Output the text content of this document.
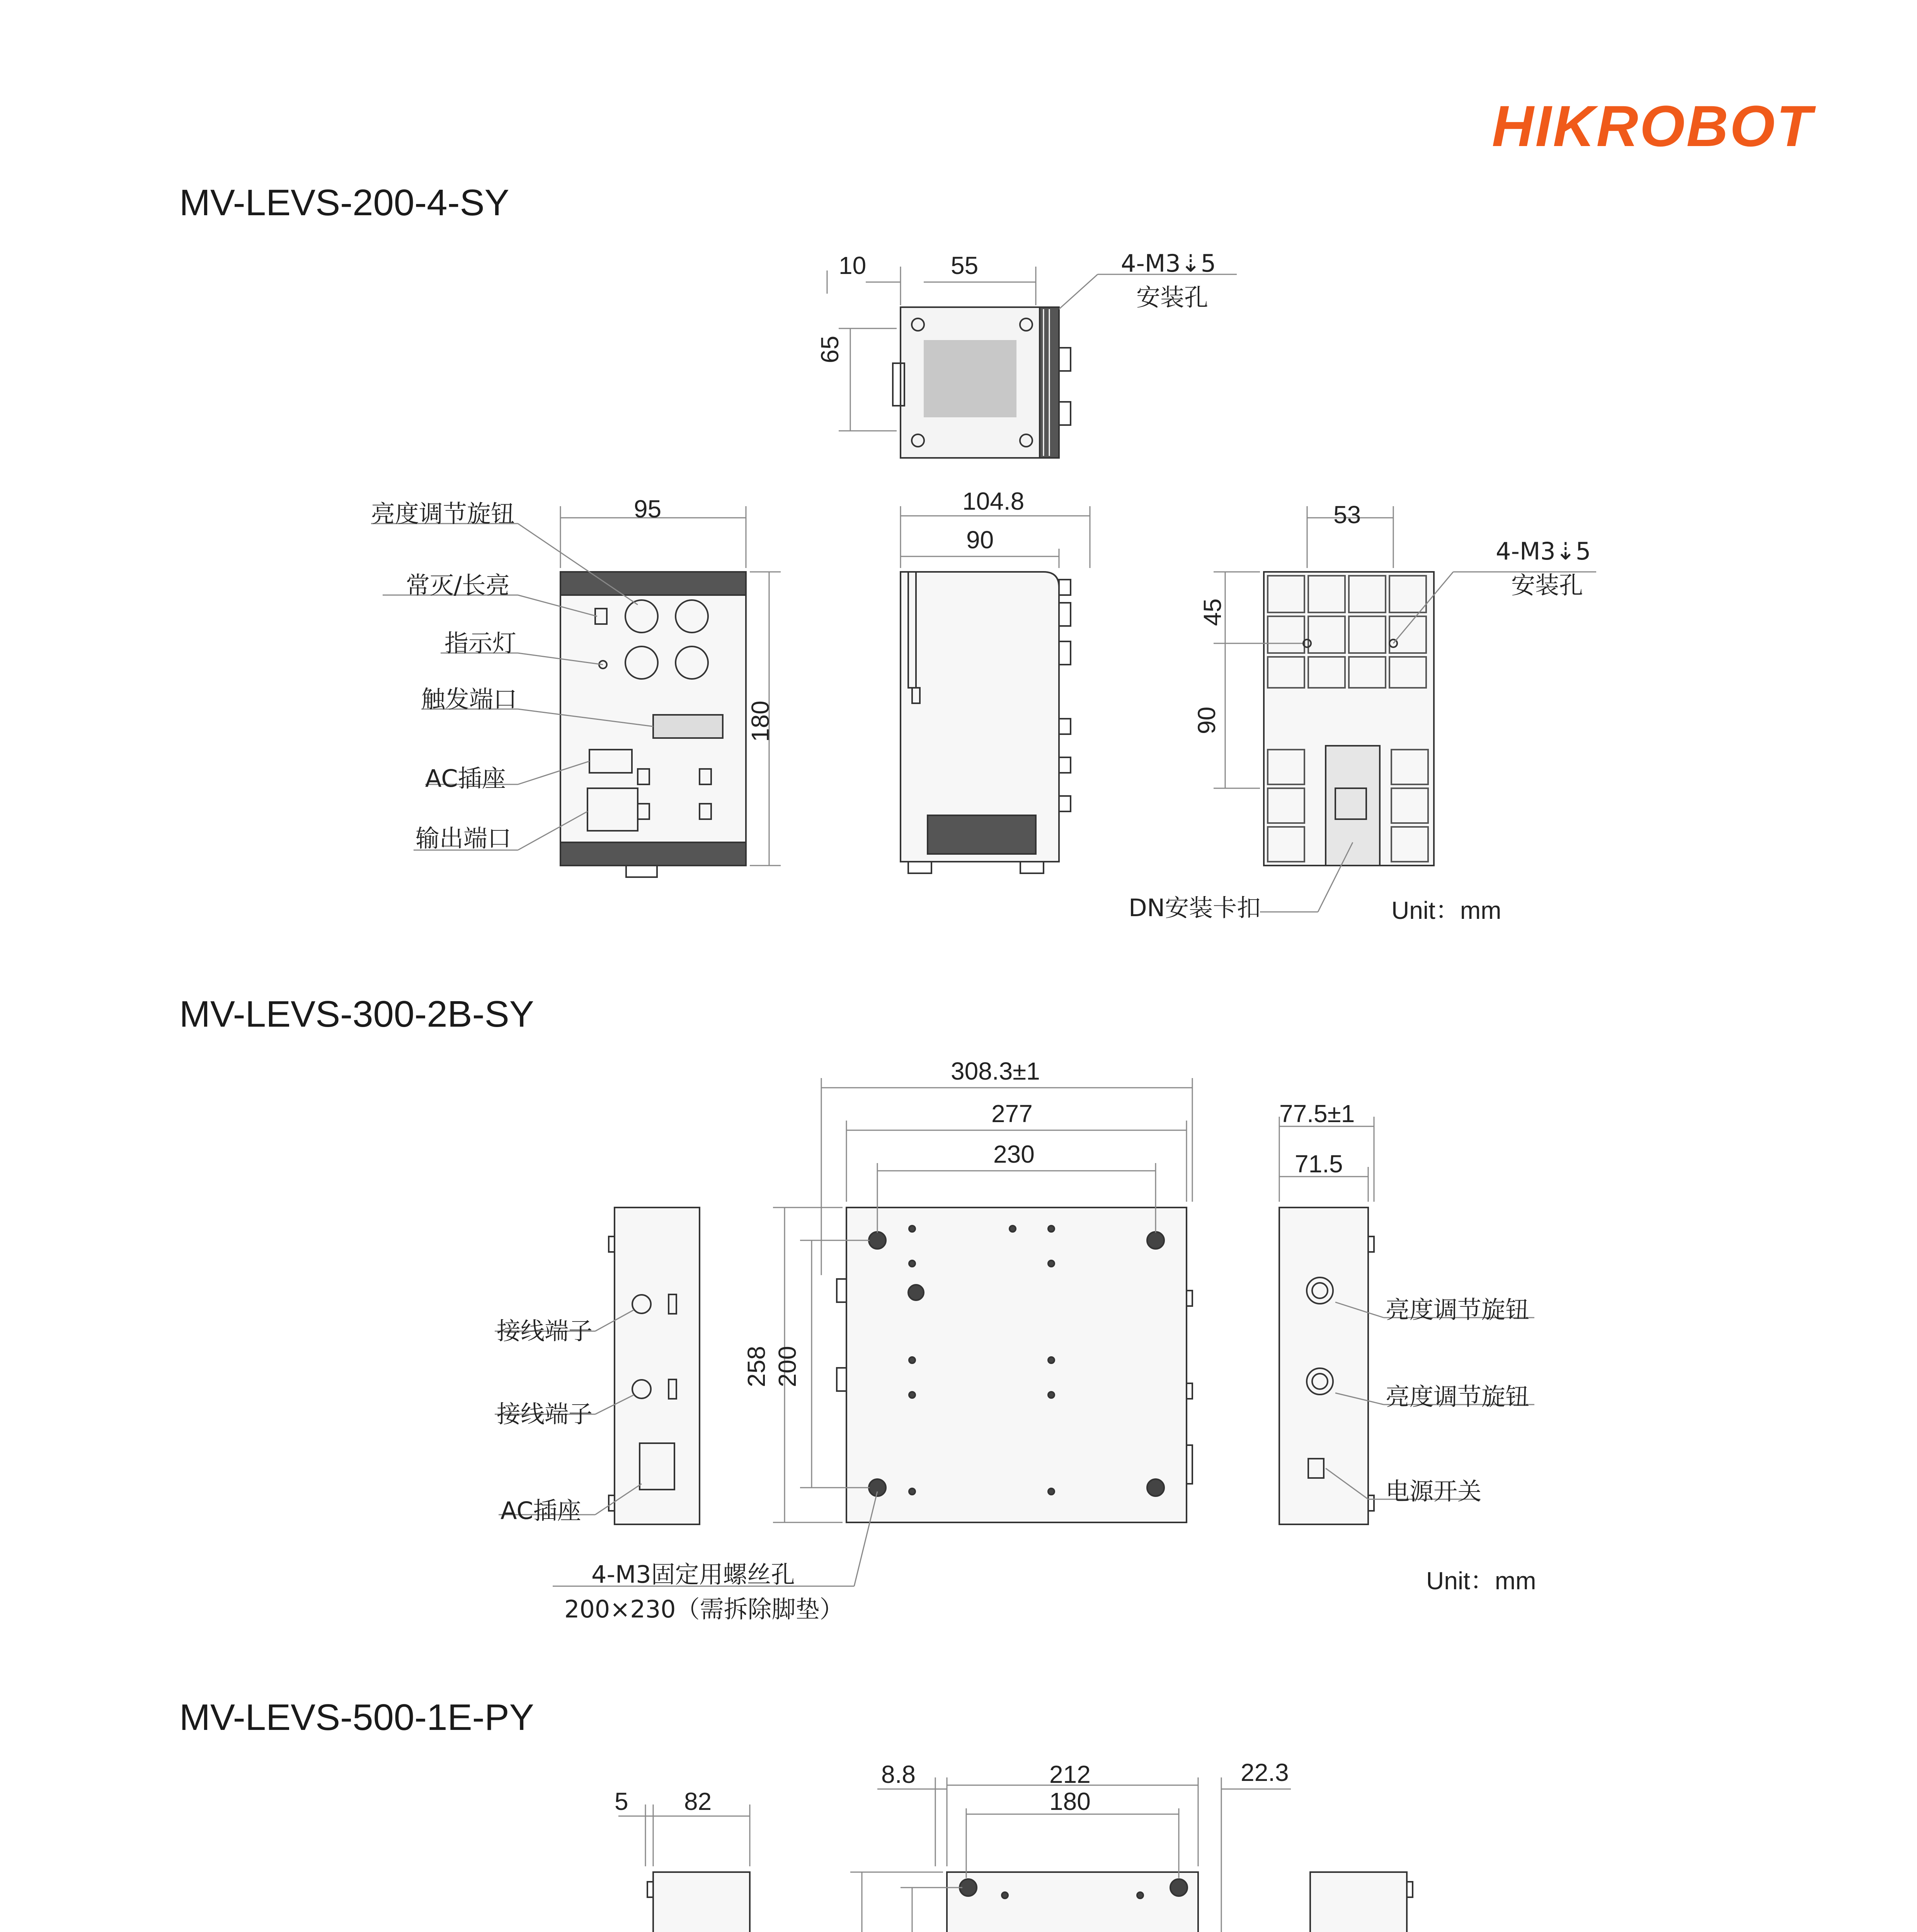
HIKROBOT
MV-LEVS-200-4-SY
10	55
65
4-M3⇣5
安装孔
95
180
亮度调节旋钮
常灭/长亮
指示灯
触发端口
AC插座
输出端口
104.8
90
53
45
90
4-M3⇣5
安装孔
DN安装卡扣	Unit：mm
MV-LEVS-300-2B-SY
接线端子
接线端子
AC插座
308.3±1
277
230
258 200
4-M3固定用螺丝孔
200×230（需拆除脚垫）
77.5±1
71.5
亮度调节旋钮
亮度调节旋钮
电源开关
Unit：mm
MV-LEVS-500-1E-PY
5 82
8.8	212
180
22.3
